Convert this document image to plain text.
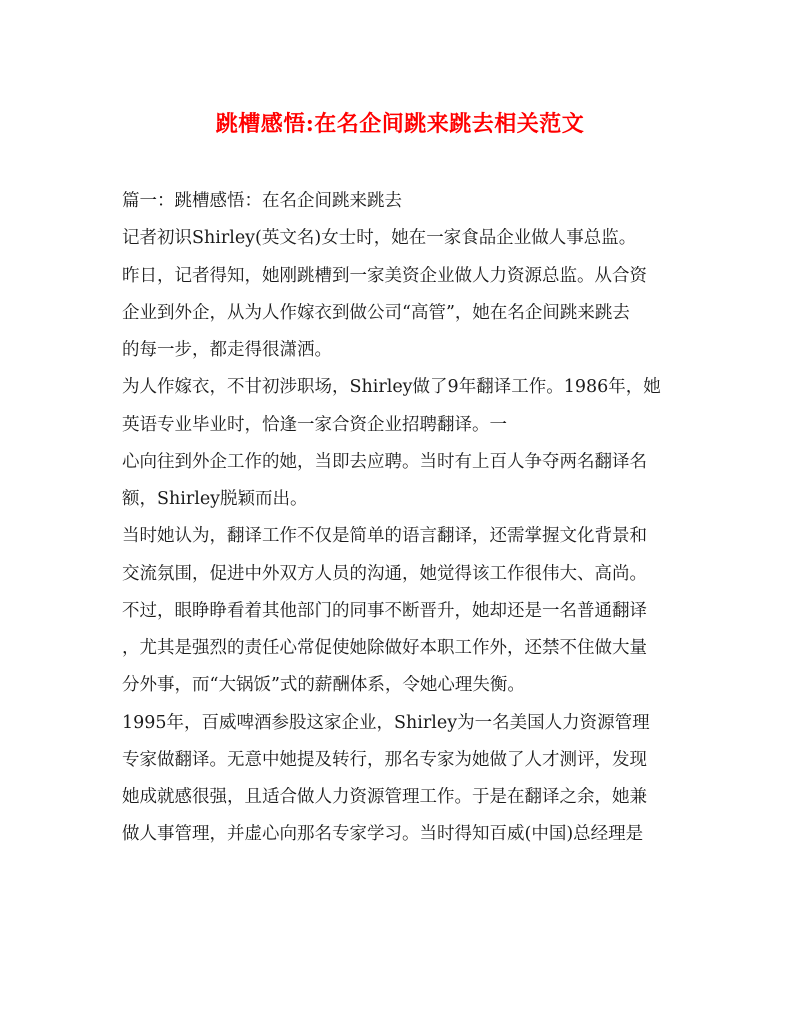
跳槽感悟:在名企间跳来跳去相关范文
篇一：跳槽感悟：在名企间跳来跳去
记者初识Shirley(英文名)女士时，她在一家食品企业做人事总监。
昨日，记者得知，她刚跳槽到一家美资企业做人力资源总监。从合资
企业到外企，从为人作嫁衣到做公司“高管”，她在名企间跳来跳去
的每一步，都走得很潇洒。
为人作嫁衣，不甘初涉职场，Shirley做了9年翻译工作。1986年，她
英语专业毕业时，恰逢一家合资企业招聘翻译。一
心向往到外企工作的她，当即去应聘。当时有上百人争夺两名翻译名
额，Shirley脱颖而出。
当时她认为，翻译工作不仅是简单的语言翻译，还需掌握文化背景和
交流氛围，促进中外双方人员的沟通，她觉得该工作很伟大、高尚。
不过，眼睁睁看着其他部门的同事不断晋升，她却还是一名普通翻译
，尤其是强烈的责任心常促使她除做好本职工作外，还禁不住做大量
分外事，而“大锅饭”式的薪酬体系，令她心理失衡。
1995年，百威啤酒参股这家企业，Shirley为一名美国人力资源管理
专家做翻译。无意中她提及转行，那名专家为她做了人才测评，发现
她成就感很强，且适合做人力资源管理工作。于是在翻译之余，她兼
做人事管理，并虚心向那名专家学习。当时得知百威(中国)总经理是
